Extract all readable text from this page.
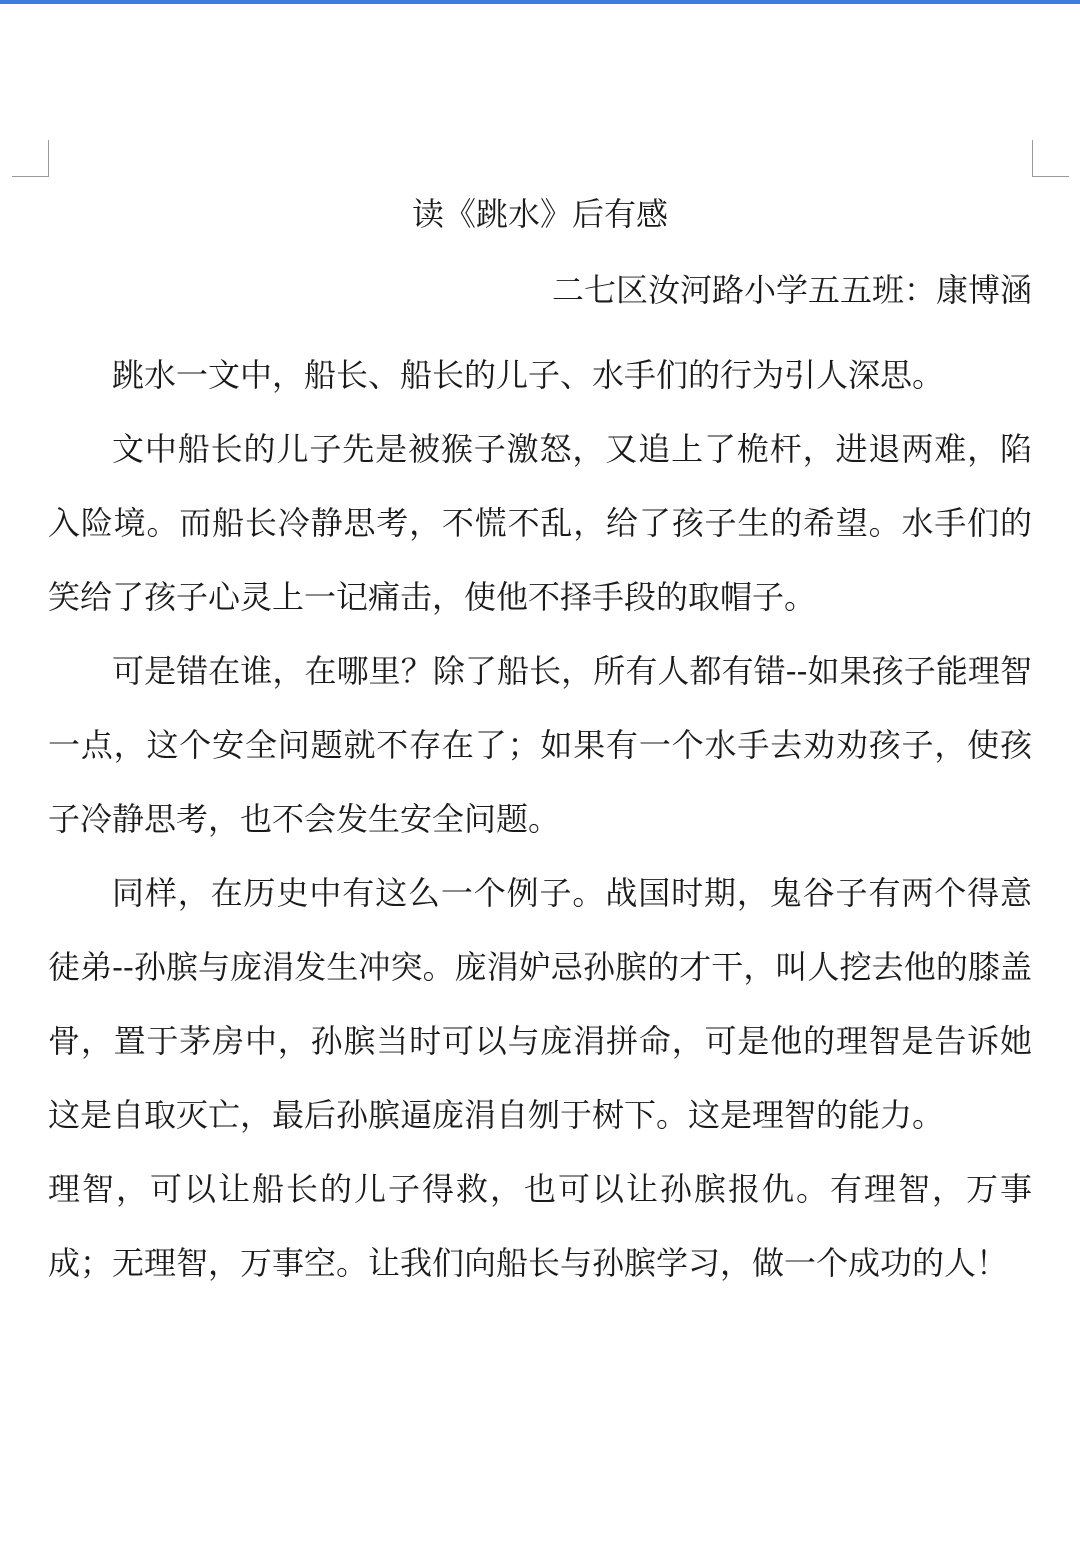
读《跳水》后有感

二七区汝河路小学五五班：康博涵

跳水一文中，船长、船长的儿子、水手们的行为引人深思。

文中船长的儿子先是被猴子激怒，又追上了桅杆，进退两难，陷入险境。而船长冷静思考，不慌不乱，给了孩子生的希望。水手们的笑给了孩子心灵上一记痛击，使他不择手段的取帽子。

可是错在谁，在哪里？除了船长，所有人都有错--如果孩子能理智一点，这个安全问题就不存在了；如果有一个水手去劝劝孩子，使孩子冷静思考，也不会发生安全问题。

同样，在历史中有这么一个例子。战国时期，鬼谷子有两个得意徒弟--孙膑与庞涓发生冲突。庞涓妒忌孙膑的才干，叫人挖去他的膝盖骨，置于茅房中，孙膑当时可以与庞涓拼命，可是他的理智是告诉她这是自取灭亡，最后孙膑逼庞涓自刎于树下。这是理智的能力。

理智，可以让船长的儿子得救，也可以让孙膑报仇。有理智，万事成；无理智，万事空。让我们向船长与孙膑学习，做一个成功的人！
